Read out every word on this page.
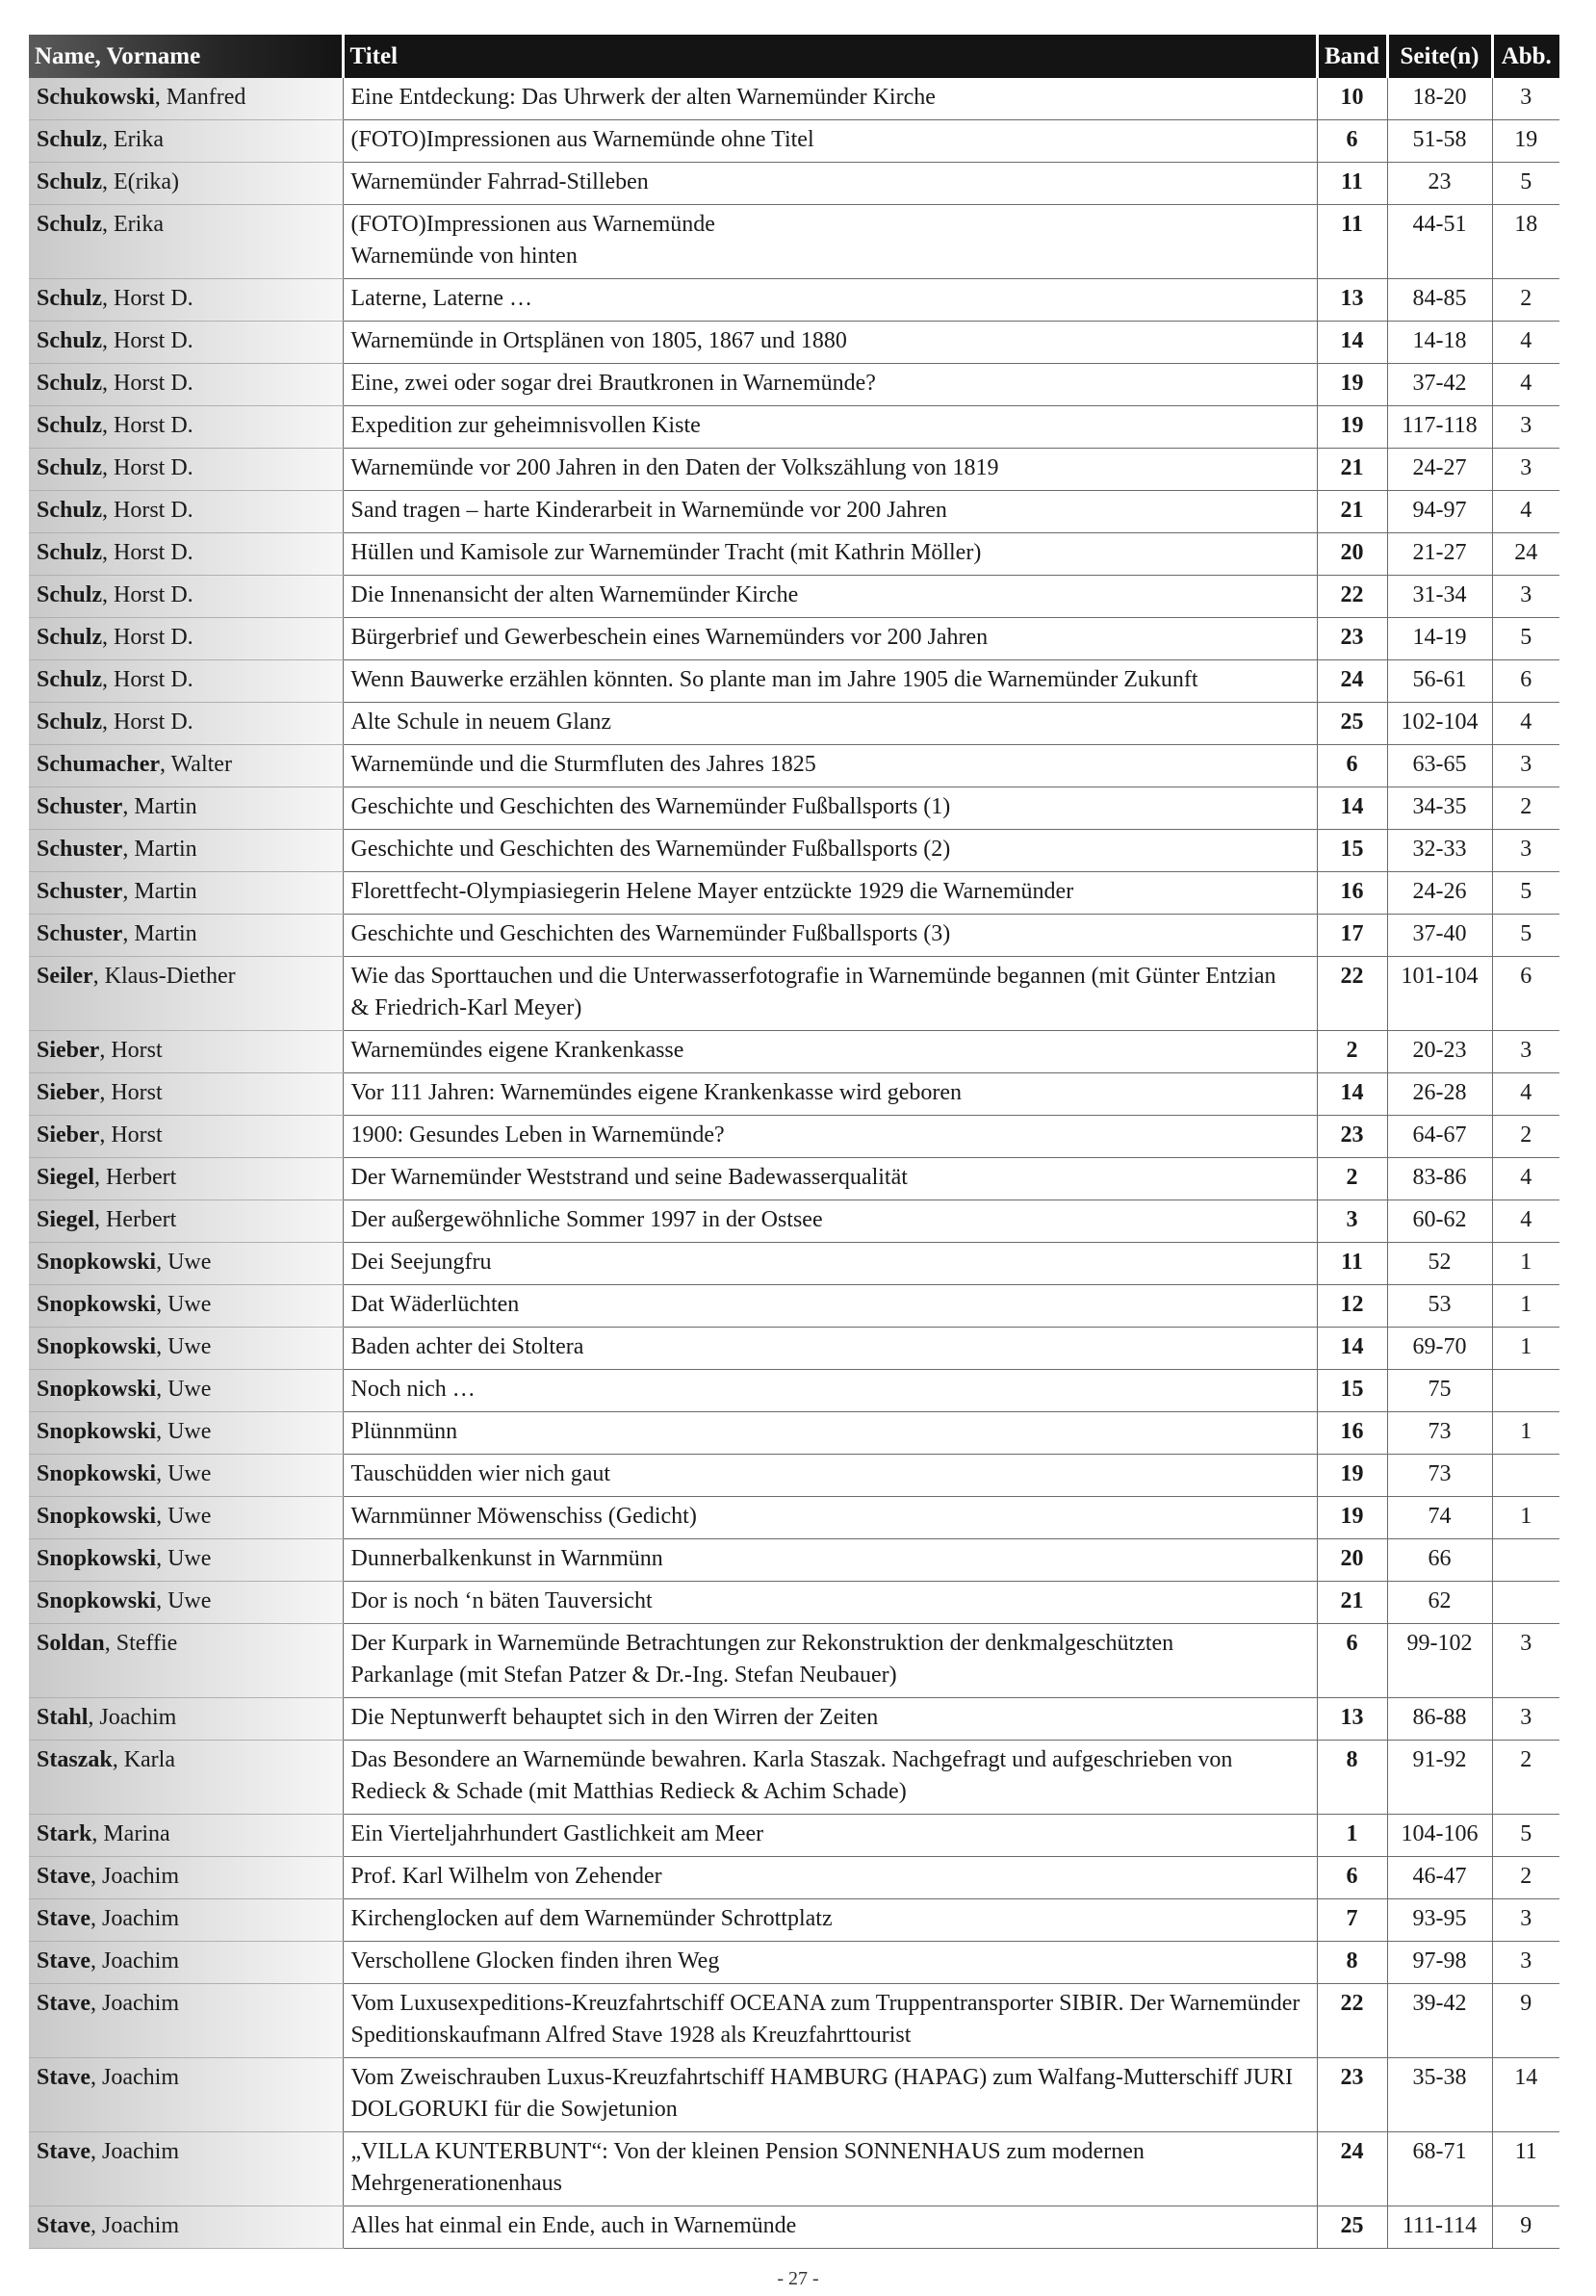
Name, Vorname	Titel	Band	Seite(n)	Abb.
Schukowski, Manfred	Eine Entdeckung: Das Uhrwerk der alten Warnemünder Kirche	10	18-20	3
Schulz, Erika	(FOTO)Impressionen aus Warnemünde ohne Titel	6	51-58	19
Schulz, E(rika)	Warnemünder Fahrrad-Stilleben	11	23	5
Schulz, Erika	(FOTO)Impressionen aus Warnemünde
Warnemünde von hinten	11	44-51	18
Schulz, Horst D.	Laterne, Laterne …	13	84-85	2
Schulz, Horst D.	Warnemünde in Ortsplänen von 1805, 1867 und 1880	14	14-18	4
Schulz, Horst D.	Eine, zwei oder sogar drei Brautkronen in Warnemünde?	19	37-42	4
Schulz, Horst D.	Expedition zur geheimnisvollen Kiste	19	117-118	3
Schulz, Horst D.	Warnemünde vor 200 Jahren in den Daten der Volkszählung von 1819	21	24-27	3
Schulz, Horst D.	Sand tragen – harte Kinderarbeit in Warnemünde vor 200 Jahren	21	94-97	4
Schulz, Horst D.	Hüllen und Kamisole zur Warnemünder Tracht (mit Kathrin Möller)	20	21-27	24
Schulz, Horst D.	Die Innenansicht der alten Warnemünder Kirche	22	31-34	3
Schulz, Horst D.	Bürgerbrief und Gewerbeschein eines Warnemünders vor 200 Jahren	23	14-19	5
Schulz, Horst D.	Wenn Bauwerke erzählen könnten. So plante man im Jahre 1905 die Warnemünder Zukunft	24	56-61	6
Schulz, Horst D.	Alte Schule in neuem Glanz	25	102-104	4
Schumacher, Walter	Warnemünde und die Sturmfluten des Jahres 1825	6	63-65	3
Schuster, Martin	Geschichte und Geschichten des Warnemünder Fußballsports (1)	14	34-35	2
Schuster, Martin	Geschichte und Geschichten des Warnemünder Fußballsports (2)	15	32-33	3
Schuster, Martin	Florettfecht-Olympiasiegerin Helene Mayer entzückte 1929 die Warnemünder	16	24-26	5
Schuster, Martin	Geschichte und Geschichten des Warnemünder Fußballsports (3)	17	37-40	5
Seiler, Klaus-Diether	Wie das Sporttauchen und die Unterwasserfotografie in Warnemünde begannen (mit Günter Entzian
& Friedrich-Karl Meyer)	22	101-104	6
Sieber, Horst	Warnemündes eigene Krankenkasse	2	20-23	3
Sieber, Horst	Vor 111 Jahren: Warnemündes eigene Krankenkasse wird geboren	14	26-28	4
Sieber, Horst	1900: Gesundes Leben in Warnemünde?	23	64-67	2
Siegel, Herbert	Der Warnemünder Weststrand und seine Badewasserqualität	2	83-86	4
Siegel, Herbert	Der außergewöhnliche Sommer 1997 in der Ostsee	3	60-62	4
Snopkowski, Uwe	Dei Seejungfru	11	52	1
Snopkowski, Uwe	Dat Wäderlüchten	12	53	1
Snopkowski, Uwe	Baden achter dei Stoltera	14	69-70	1
Snopkowski, Uwe	Noch nich …	15	75	
Snopkowski, Uwe	Plünnmünn	16	73	1
Snopkowski, Uwe	Tauschüdden wier nich gaut	19	73	
Snopkowski, Uwe	Warnmünner Möwenschiss (Gedicht)	19	74	1
Snopkowski, Uwe	Dunnerbalkenkunst in Warnmünn	20	66	
Snopkowski, Uwe	Dor is noch ‘n bäten Tauversicht	21	62	
Soldan, Steffie	Der Kurpark in Warnemünde Betrachtungen zur Rekonstruktion der denkmalgeschützten
Parkanlage (mit Stefan Patzer & Dr.-Ing. Stefan Neubauer)	6	99-102	3
Stahl, Joachim	Die Neptunwerft behauptet sich in den Wirren der Zeiten	13	86-88	3
Staszak, Karla	Das Besondere an Warnemünde bewahren. Karla Staszak. Nachgefragt und aufgeschrieben von
Redieck & Schade (mit Matthias Redieck & Achim Schade)	8	91-92	2
Stark, Marina	Ein Vierteljahrhundert Gastlichkeit am Meer	1	104-106	5
Stave, Joachim	Prof. Karl Wilhelm von Zehender	6	46-47	2
Stave, Joachim	Kirchenglocken auf dem Warnemünder Schrottplatz	7	93-95	3
Stave, Joachim	Verschollene Glocken finden ihren Weg	8	97-98	3
Stave, Joachim	Vom Luxusexpeditions-Kreuzfahrtschiff OCEANA zum Truppentransporter SIBIR. Der Warnemünder
Speditionskaufmann Alfred Stave 1928 als Kreuzfahrttourist	22	39-42	9
Stave, Joachim	Vom Zweischrauben Luxus-Kreuzfahrtschiff HAMBURG (HAPAG) zum Walfang-Mutterschiff JURI
DOLGORUKI für die Sowjetunion	23	35-38	14
Stave, Joachim	„VILLA KUNTERBUNT“: Von der kleinen Pension SONNENHAUS zum modernen
Mehrgenerationenhaus	24	68-71	11
Stave, Joachim	Alles hat einmal ein Ende, auch in Warnemünde	25	111-114	9
- 27 -
